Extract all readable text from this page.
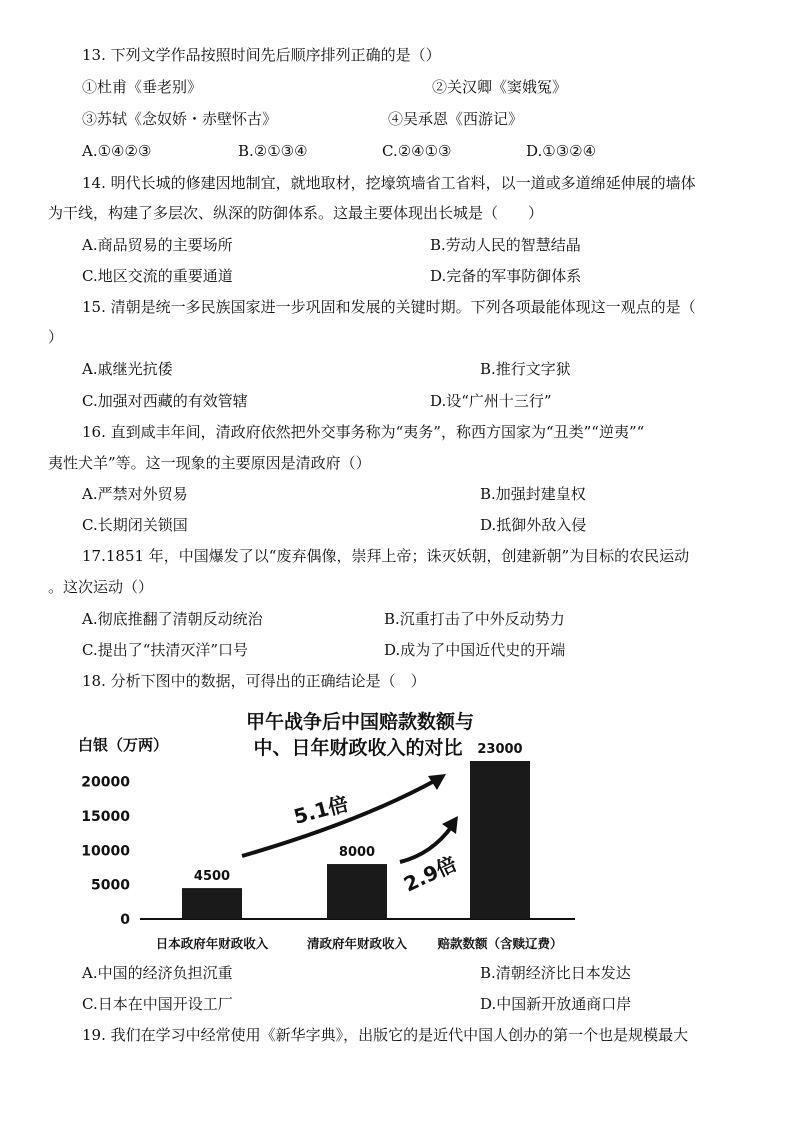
13. 下列文学作品按照时间先后顺序排列正确的是（）
①杜甫《垂老别》	②关汉卿《窦娥冤》
③苏轼《念奴娇・赤壁怀古》	④吴承恩《西游记》
A.①④②③	B.②①③④	C.②④①③	D.①③②④
14. 明代长城的修建因地制宜，就地取材，挖壕筑墙省工省料，以一道或多道绵延伸展的墙体
为干线，构建了多层次、纵深的防御体系。这最主要体现出长城是（　　）
A.商品贸易的主要场所	B.劳动人民的智慧结晶
C.地区交流的重要通道	D.完备的军事防御体系
15. 清朝是统一多民族国家进一步巩固和发展的关键时期。下列各项最能体现这一观点的是（
）
A.戚继光抗倭	B.推行文字狱
C.加强对西藏的有效管辖	D.设“广州十三行”
16. 直到咸丰年间，清政府依然把外交事务称为“夷务”，称西方国家为“丑类”“逆夷”“
夷性犬羊”等。这一现象的主要原因是清政府（）
A.严禁对外贸易	B.加强封建皇权
C.长期闭关锁国	D.抵御外敌入侵
17.1851 年，中国爆发了以“废弃偶像，崇拜上帝；诛灭妖朝，创建新朝”为目标的农民运动
。这次运动（）
A.彻底推翻了清朝反动统治	B.沉重打击了中外反动势力
C.提出了“扶清灭洋”口号	D.成为了中国近代史的开端
18. 分析下图中的数据，可得出的正确结论是（　）
甲午战争后中国赔款数额与
中、日年财政收入的对比
白银（万两）
0
5000
10000
15000
20000
4500
8000
23000
日本政府年财政收入	清政府年财政收入 赔款数额（含赎辽费）
5.1倍
2.9倍
A.中国的经济负担沉重	B.清朝经济比日本发达
C.日本在中国开设工厂	D.中国新开放通商口岸
19. 我们在学习中经常使用《新华字典》，出版它的是近代中国人创办的第一个也是规模最大
